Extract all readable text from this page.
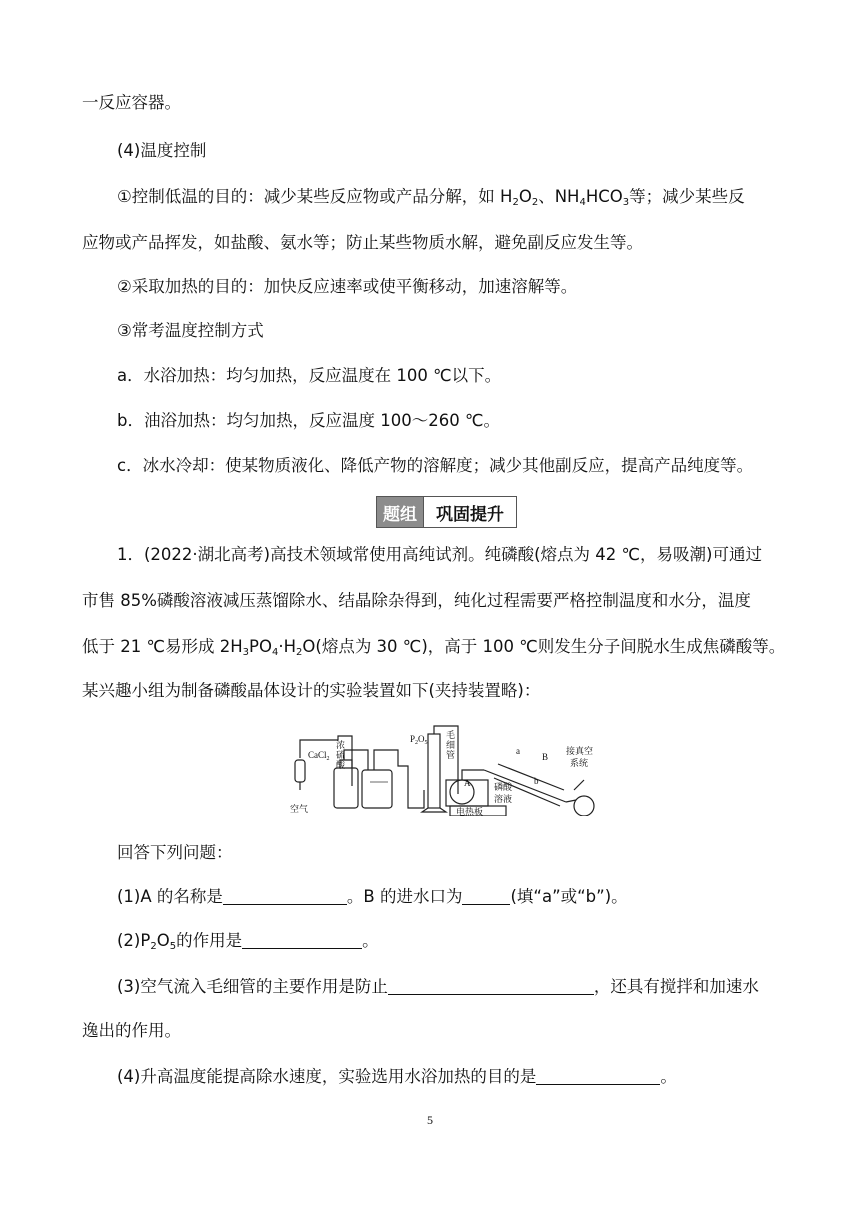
一反应容器。
(4)温度控制
①控制低温的目的：减少某些反应物或产品分解，如 $H_2O_2$、$NH_4HCO_3$等；减少某些反
应物或产品挥发，如盐酸、氨水等；防止某些物质水解，避免副反应发生等。
②采取加热的目的：加快反应速率或使平衡移动，加速溶解等。
③常考温度控制方式
a．水浴加热：均匀加热，反应温度在 100 ℃以下。
b．油浴加热：均匀加热，反应温度 100～260 ℃。
c．冰水冷却：使某物质液化、降低产物的溶解度；减少其他副反应，提高产品纯度等。
题组	巩固提升
1．(2022·湖北高考)高技术领域常使用高纯试剂。纯磷酸(熔点为 42 ℃，易吸潮)可通过
市售 85%磷酸溶液减压蒸馏除水、结晶除杂得到，纯化过程需要严格控制温度和水分，温度
低于 21 ℃易形成 $2H_3PO_4\cdot H_2O$(熔点为 30 ℃)，高于 100 ℃则发生分子间脱水生成焦磷酸等。
某兴趣小组为制备磷酸晶体设计的实验装置如下(夹持装置略)：
CaCl$_2$
空气
浓
硫
酸
$P_2O_5$
毛
细
管
A
a
B
b
磷酸
溶液
电热板
接真空
系统
回答下列问题：
(1)A 的名称是	。B 的进水口为	(填“a”或“b”)。
$(2)P_2O_5$的作用是	。
(3)空气流入毛细管的主要作用是防止	，还具有搅拌和加速水
逸出的作用。
(4)升高温度能提高除水速度，实验选用水浴加热的目的是	。
5
